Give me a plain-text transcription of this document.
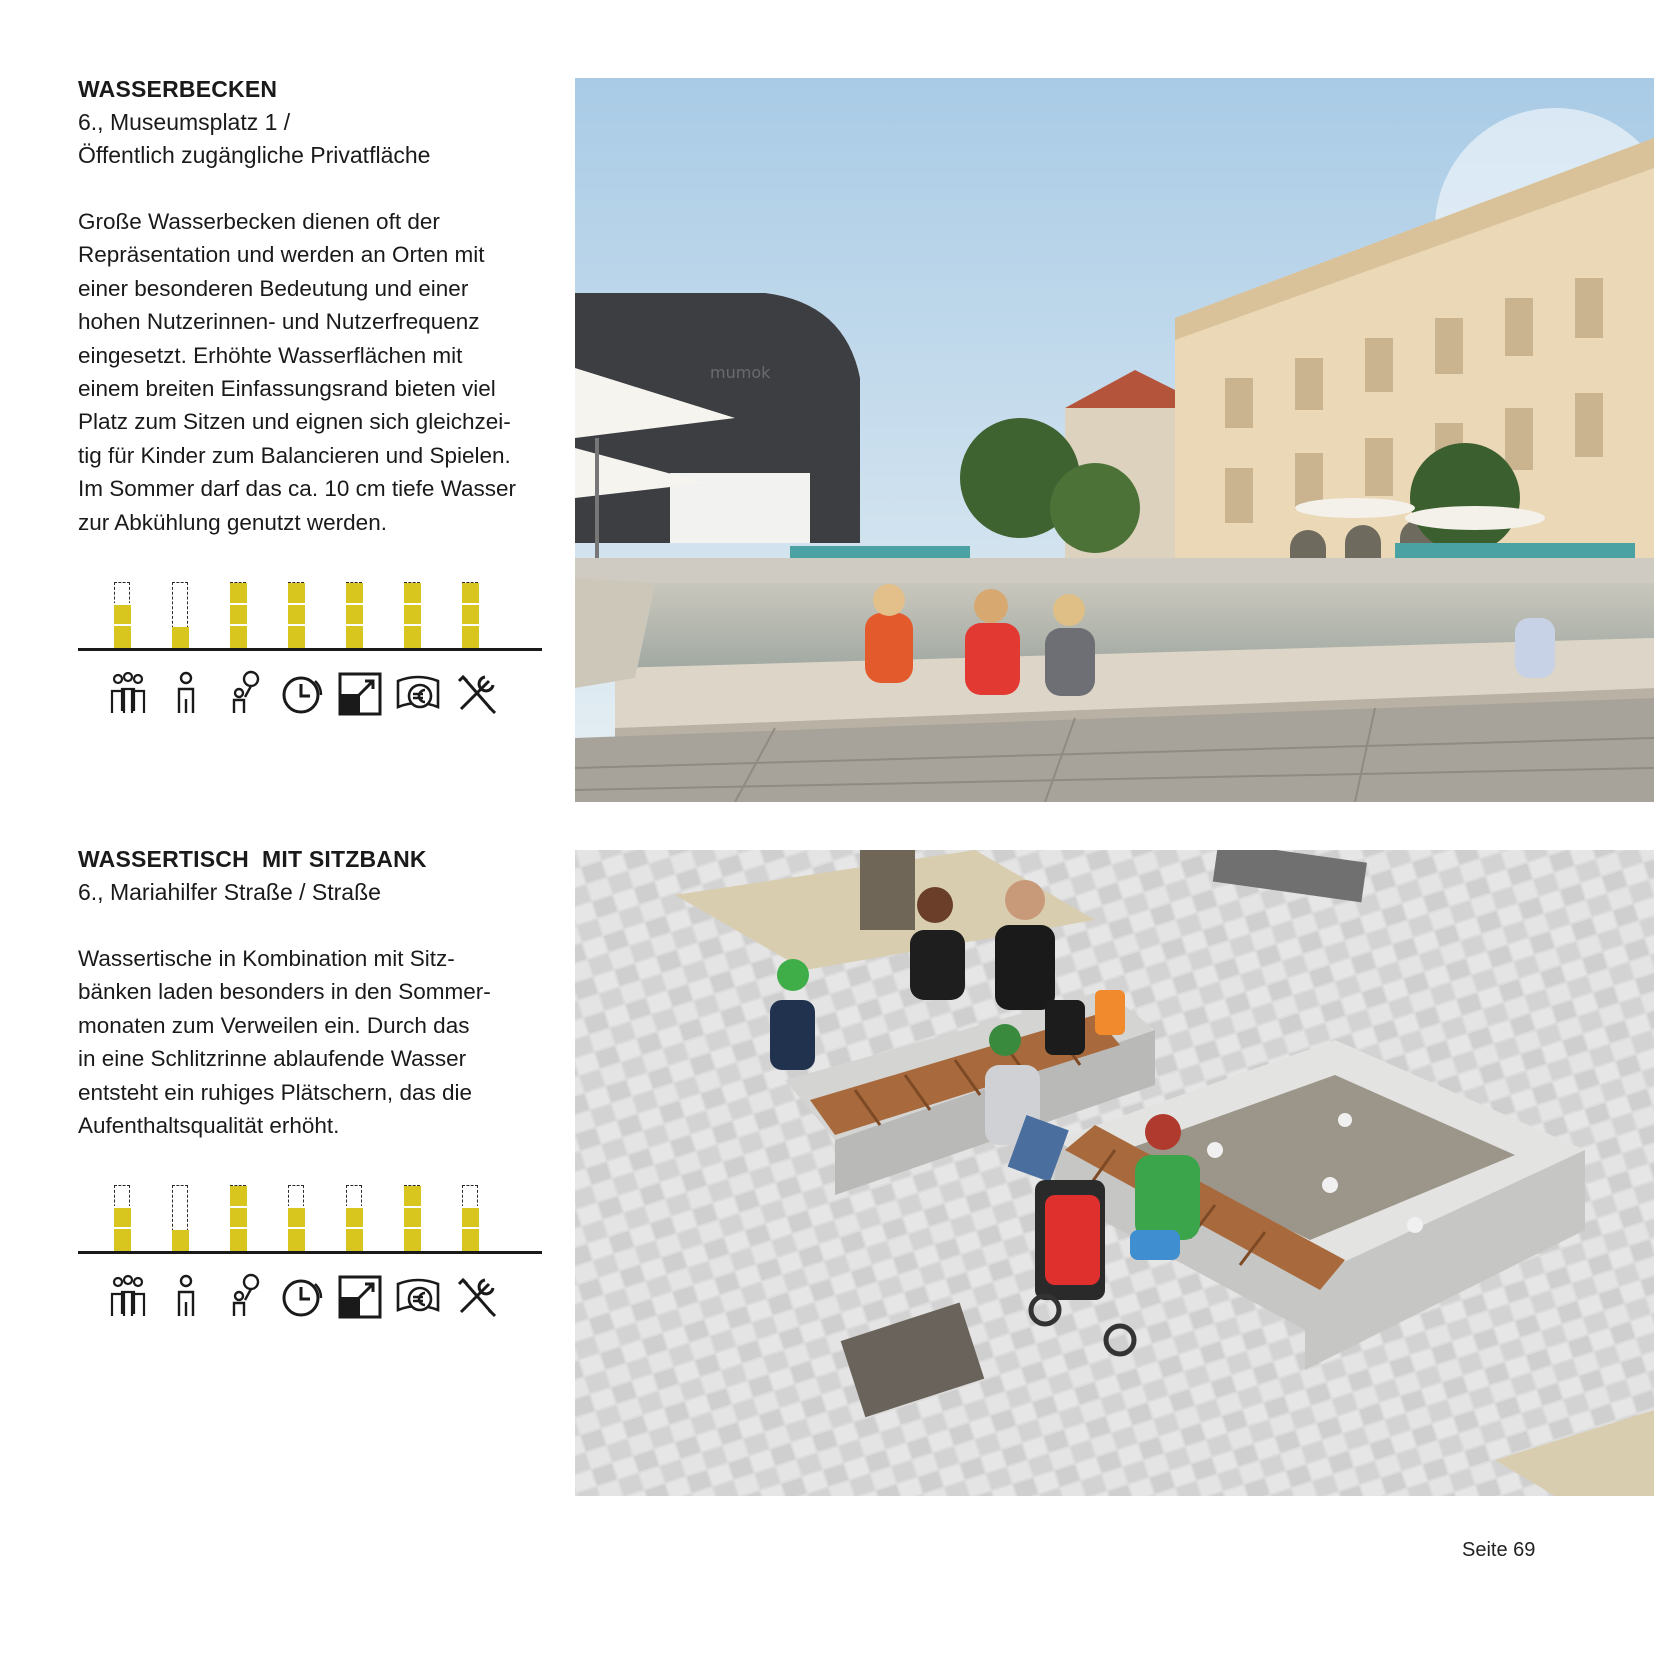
WASSERBECKEN
6., Museumsplatz 1 /
Öffentlich zugängliche Privatfläche
Große Wasserbecken dienen oft der
Repräsentation und werden an Orten mit
einer besonderen Bedeutung und einer
hohen Nutzerinnen- und Nutzerfrequenz
eingesetzt. Erhöhte Wasserflächen mit
einem breiten Einfassungsrand bieten viel
Platz zum Sitzen und eignen sich gleichzei-
tig für Kinder zum Balancieren und Spielen.
Im Sommer darf das ca. 10 cm tiefe Wasser
zur Abkühlung genutzt werden.
mumok
WASSERTISCH  MIT SITZBANK
6., Mariahilfer Straße / Straße
Wassertische in Kombination mit Sitz-
bänken laden besonders in den Sommer-
monaten zum Verweilen ein. Durch das
in eine Schlitzrinne ablaufende Wasser
entsteht ein ruhiges Plätschern, das die
Aufenthaltsqualität erhöht.
Seite 69
